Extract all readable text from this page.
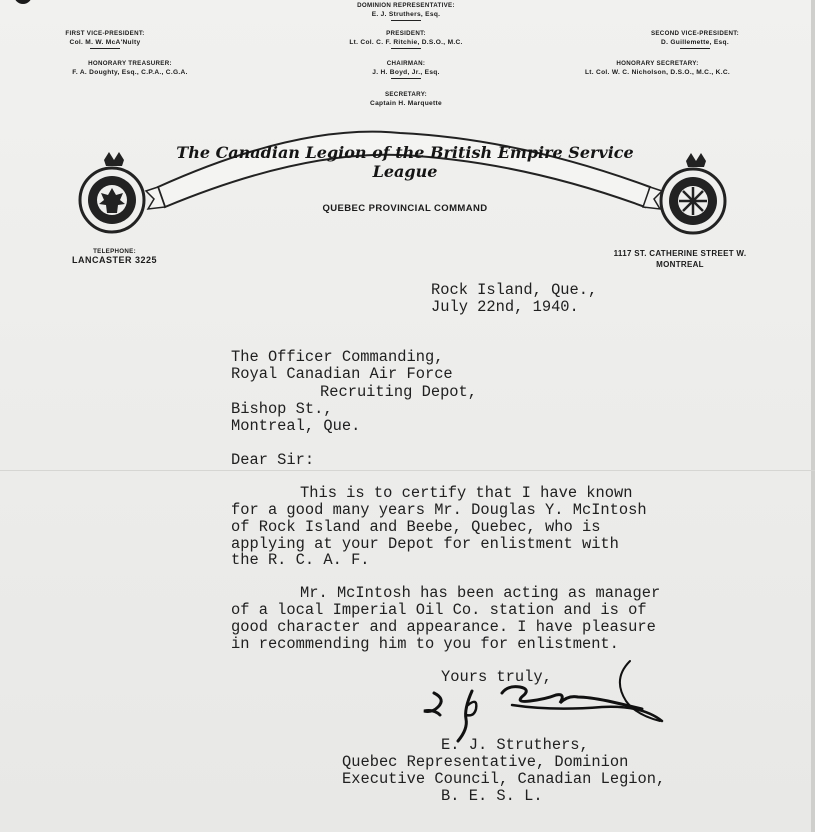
DOMINION REPRESENTATIVE:
E. J. Struthers, Esq.
PRESIDENT:
Lt. Col. C. F. Ritchie, D.S.O., M.C.
CHAIRMAN:
J. H. Boyd, Jr., Esq.
SECRETARY:
Captain H. Marquette
FIRST VICE-PRESIDENT:
Col. M. W. McA'Nulty
HONORARY TREASURER:
F. A. Doughty, Esq., C.P.A., C.G.A.
SECOND VICE-PRESIDENT:
D. Guillemette, Esq.
HONORARY SECRETARY:
Lt. Col. W. C. Nicholson, D.S.O., M.C., K.C.
The Canadian Legion of the British Empire Service League
QUEBEC PROVINCIAL COMMAND
TELEPHONE:
LANCASTER 3225
1117 ST. CATHERINE STREET W.
MONTREAL
Rock Island, Que.,
July 22nd, 1940.
The Officer Commanding,
Royal Canadian Air Force
Recruiting Depot,
Bishop St.,
Montreal, Que.
Dear Sir:
This is to certify that I have known
for a good many years Mr. Douglas Y. McIntosh
of Rock Island and Beebe, Quebec, who is
applying at your Depot for enlistment with
the R. C. A. F.
Mr. McIntosh has been acting as manager
of a local Imperial Oil Co. station and is of
good character and appearance. I have pleasure
in recommending him to you for enlistment.
Yours truly,
E. J. Struthers,
Quebec Representative, Dominion
Executive Council, Canadian Legion,
B. E. S. L.
